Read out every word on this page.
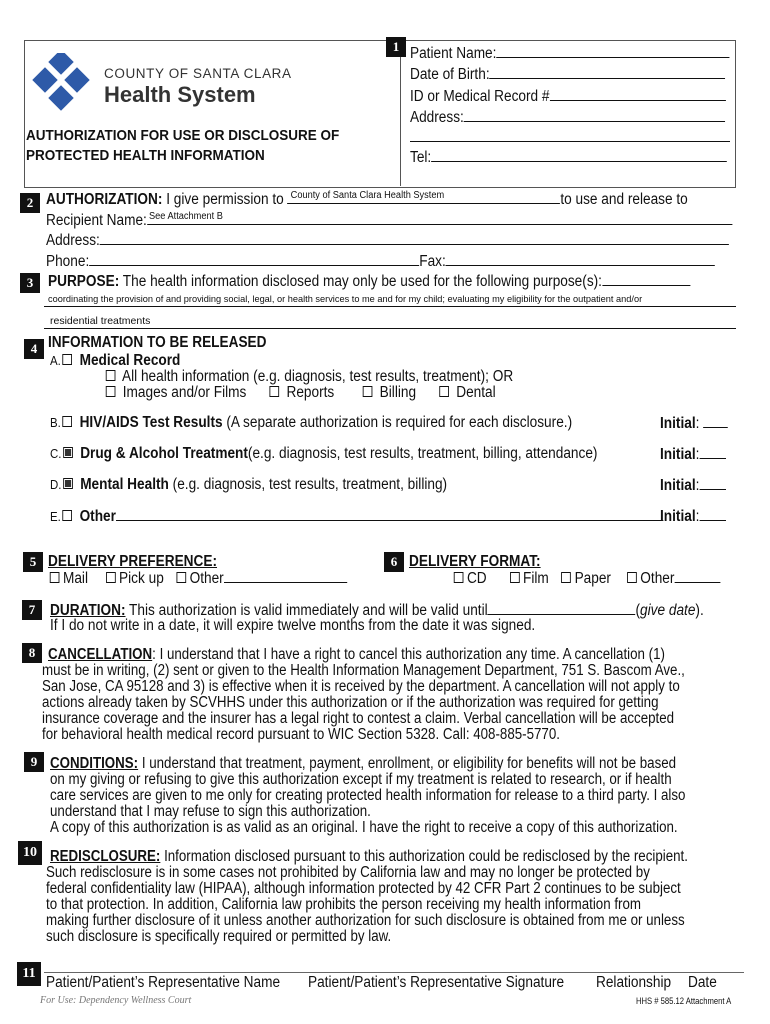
COUNTY OF SANTA CLARA
Health System
AUTHORIZATION FOR USE OR DISCLOSURE OF
PROTECTED HEALTH INFORMATION
1 Patient Name:
Date of Birth:
ID or Medical Record #
Address:
Tel:
2 AUTHORIZATION: I give permission to County of Santa Clara Health System	to use and release to
Recipient Name: See Attachment B
Address:
Phone:	Fax:
3 PURPOSE: The health information disclosed may only be used for the following purpose(s):
coordinating the provision of and providing social, legal, or health services to me and for my child; evaluating my eligibility for the outpatient and/or
residential treatments
4 INFORMATION TO BE RELEASED
A. Medical Record
All health information (e.g. diagnosis, test results, treatment); OR
Images and/or Films	Reports	Billing	Dental
B. HIV/AIDS Test Results (A separate authorization is required for each disclosure.)	Initial:
C. Drug & Alcohol Treatment(e.g. diagnosis, test results, treatment, billing, attendance)	Initial:
D. Mental Health (e.g. diagnosis, test results, treatment, billing)	Initial:
E. Other	Initial:
5 DELIVERY PREFERENCE:
Mail Pick up Other
6 DELIVERY FORMAT:
CD Film Paper Other
7 DURATION: This authorization is valid immediately and will be valid until	(give date).
If I do not write in a date, it will expire twelve months from the date it was signed.
8 CANCELLATION: I understand that I have a right to cancel this authorization any time. A cancellation (1)
must be in writing, (2) sent or given to the Health Information Management Department, 751 S. Bascom Ave.,
San Jose, CA 95128 and 3) is effective when it is received by the department. A cancellation will not apply to
actions already taken by SCVHHS under this authorization or if the authorization was required for getting
insurance coverage and the insurer has a legal right to contest a claim. Verbal cancellation will be accepted
for behavioral health medical record pursuant to WIC Section 5328. Call: 408-885-5770.
9 CONDITIONS: I understand that treatment, payment, enrollment, or eligibility for benefits will not be based
on my giving or refusing to give this authorization except if my treatment is related to research, or if health
care services are given to me only for creating protected health information for release to a third party. I also
understand that I may refuse to sign this authorization.
A copy of this authorization is as valid as an original. I have the right to receive a copy of this authorization.
10 REDISCLOSURE: Information disclosed pursuant to this authorization could be redisclosed by the recipient.
Such redisclosure is in some cases not prohibited by California law and may no longer be protected by
federal confidentiality law (HIPAA), although information protected by 42 CFR Part 2 continues to be subject
to that protection. In addition, California law prohibits the person receiving my health information from
making further disclosure of it unless another authorization for such disclosure is obtained from me or unless
such disclosure is specifically required or permitted by law.
11
Patient/Patient’s Representative Name Patient/Patient’s Representative Signature Relationship Date
For Use: Dependency Wellness Court	HHS # 585.12 Attachment A
